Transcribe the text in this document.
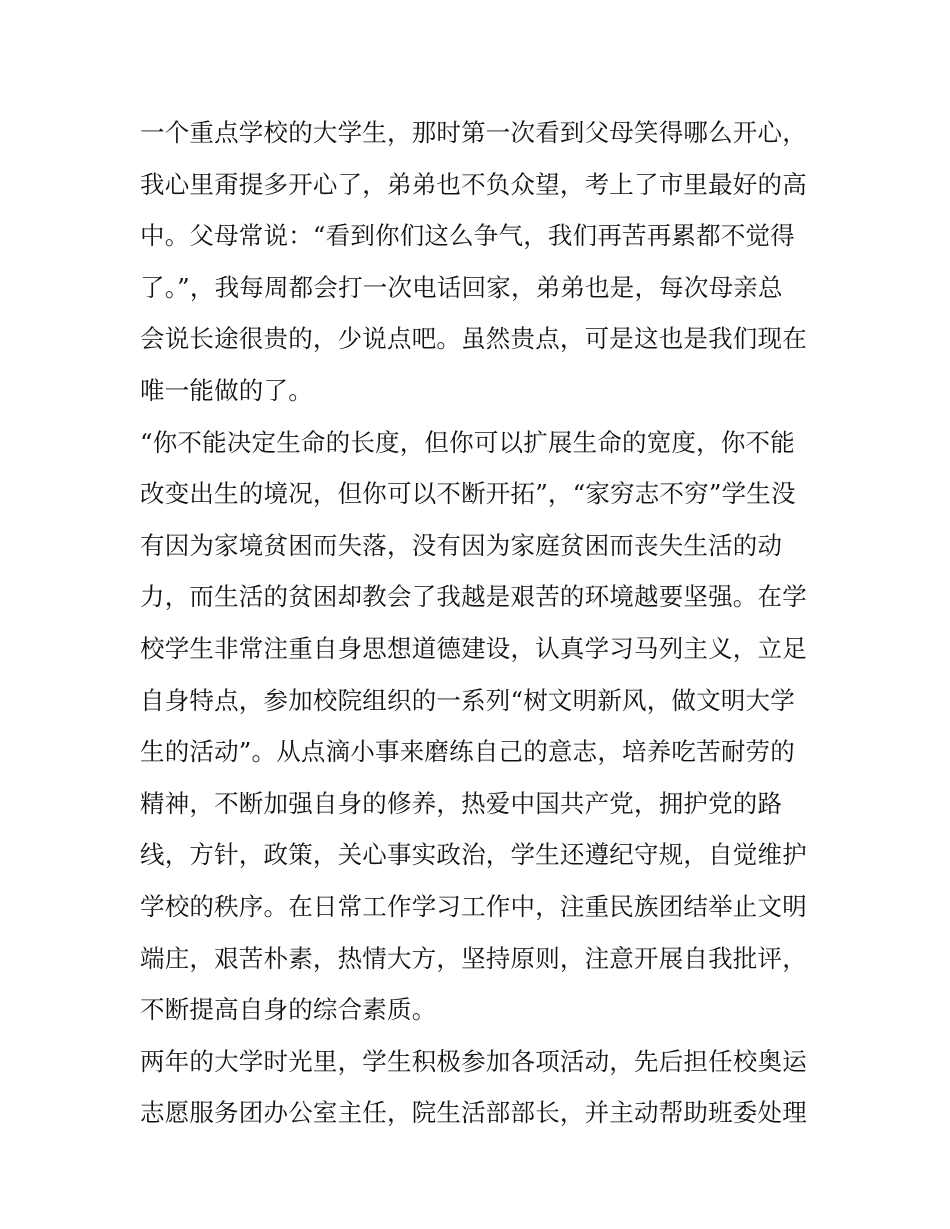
一个重点学校的大学生，那时第一次看到父母笑得哪么开心，
我心里甭提多开心了，弟弟也不负众望，考上了市里最好的高
中。父母常说：“看到你们这么争气，我们再苦再累都不觉得
了。”，我每周都会打一次电话回家，弟弟也是，每次母亲总
会说长途很贵的，少说点吧。虽然贵点，可是这也是我们现在
唯一能做的了。
“你不能决定生命的长度，但你可以扩展生命的宽度，你不能
改变出生的境况，但你可以不断开拓”，“家穷志不穷”学生没
有因为家境贫困而失落，没有因为家庭贫困而丧失生活的动
力，而生活的贫困却教会了我越是艰苦的环境越要坚强。在学
校学生非常注重自身思想道德建设，认真学习马列主义，立足
自身特点，参加校院组织的一系列“树文明新风，做文明大学
生的活动”。从点滴小事来磨练自己的意志，培养吃苦耐劳的
精神，不断加强自身的修养，热爱中国共产党，拥护党的路
线，方针，政策，关心事实政治，学生还遵纪守规，自觉维护
学校的秩序。在日常工作学习工作中，注重民族团结举止文明
端庄，艰苦朴素，热情大方，坚持原则，注意开展自我批评，
不断提高自身的综合素质。
两年的大学时光里，学生积极参加各项活动，先后担任校奥运
志愿服务团办公室主任，院生活部部长，并主动帮助班委处理
